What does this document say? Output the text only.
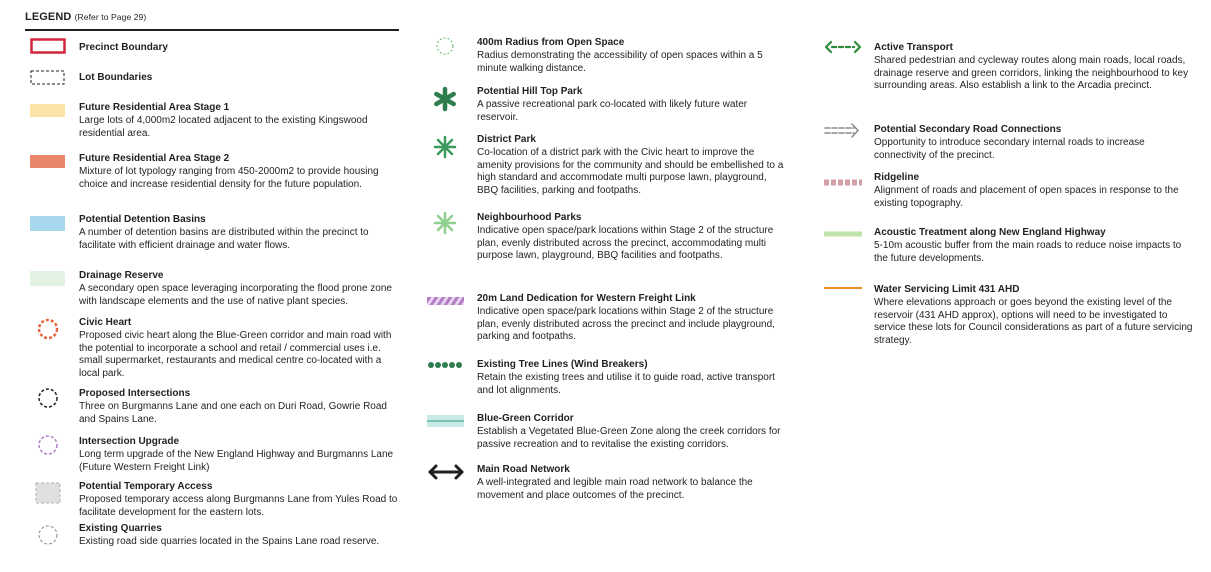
LEGEND (Refer to Page 29)
Precinct Boundary
Lot Boundaries
Future Residential Area Stage 1
Large lots of 4,000m2 located adjacent to the existing Kingswood residential area.
Future Residential Area Stage 2
Mixture of lot typology ranging from 450-2000m2 to provide housing choice and increase residential density for the future population.
Potential Detention Basins
A number of detention basins are distributed within the precinct to facilitate with efficient drainage and water flows.
Drainage Reserve
A secondary open space leveraging incorporating the flood prone zone with landscape elements and the use of native plant species.
Civic Heart
Proposed civic heart along the Blue-Green corridor and main road with the potential to incorporate a school and retail / commercial uses i.e. small supermarket, restaurants and medical centre co-located with a local park.
Proposed Intersections
Three on Burgmanns Lane and one each on Duri Road, Gowrie Road and Spains Lane.
Intersection Upgrade
Long term upgrade of the New England Highway and Burgmanns Lane (Future Western Freight Link)
Potential Temporary Access
Proposed temporary access along Burgmanns Lane from Yules Road to facilitate development for the eastern lots.
Existing Quarries
Existing road side quarries located in the Spains Lane road reserve.
400m Radius from Open Space
Radius demonstrating the accessibility of open spaces within a 5 minute walking distance.
Potential Hill Top Park
A passive recreational park co-located with likely future water reservoir.
District Park
Co-location of a district park with the Civic heart to improve the amenity provisions for the community and should be embellished to a high standard and accommodate multi purpose lawn, playground, BBQ facilities, parking and footpaths.
Neighbourhood Parks
Indicative open space/park locations within Stage 2 of the structure plan, evenly distributed across the precinct, accommodating multi purpose lawn, playground, BBQ facilities and footpaths.
20m Land Dedication for Western Freight Link
Indicative open space/park locations within Stage 2 of the structure plan, evenly distributed across the precinct and include playground, parking and footpaths.
Existing Tree Lines (Wind Breakers)
Retain the existing trees and utilise it to guide road, active transport and lot alignments.
Blue-Green Corridor
Establish a Vegetated Blue-Green Zone along the creek corridors for passive recreation and to revitalise the existing corridors.
Main Road Network
A well-integrated and legible main road network to balance the movement and place outcomes of the precinct.
Active Transport
Shared pedestrian and cycleway routes along main roads, local roads, drainage reserve and green corridors, linking the neighbourhood to key surrounding areas. Also establish a link to the Arcadia precinct.
Potential Secondary Road Connections
Opportunity to introduce secondary internal roads to increase connectivity of the precinct.
Ridgeline
Alignment of roads and placement of open spaces in response to the existing topography.
Acoustic Treatment along New England Highway
5-10m acoustic buffer from the main roads to reduce noise impacts to the future developments.
Water Servicing Limit 431 AHD
Where elevations approach or goes beyond the existing level of the reservoir (431 AHD approx), options will need to be investigated to service these lots for Council considerations as part of a future servicing strategy.
